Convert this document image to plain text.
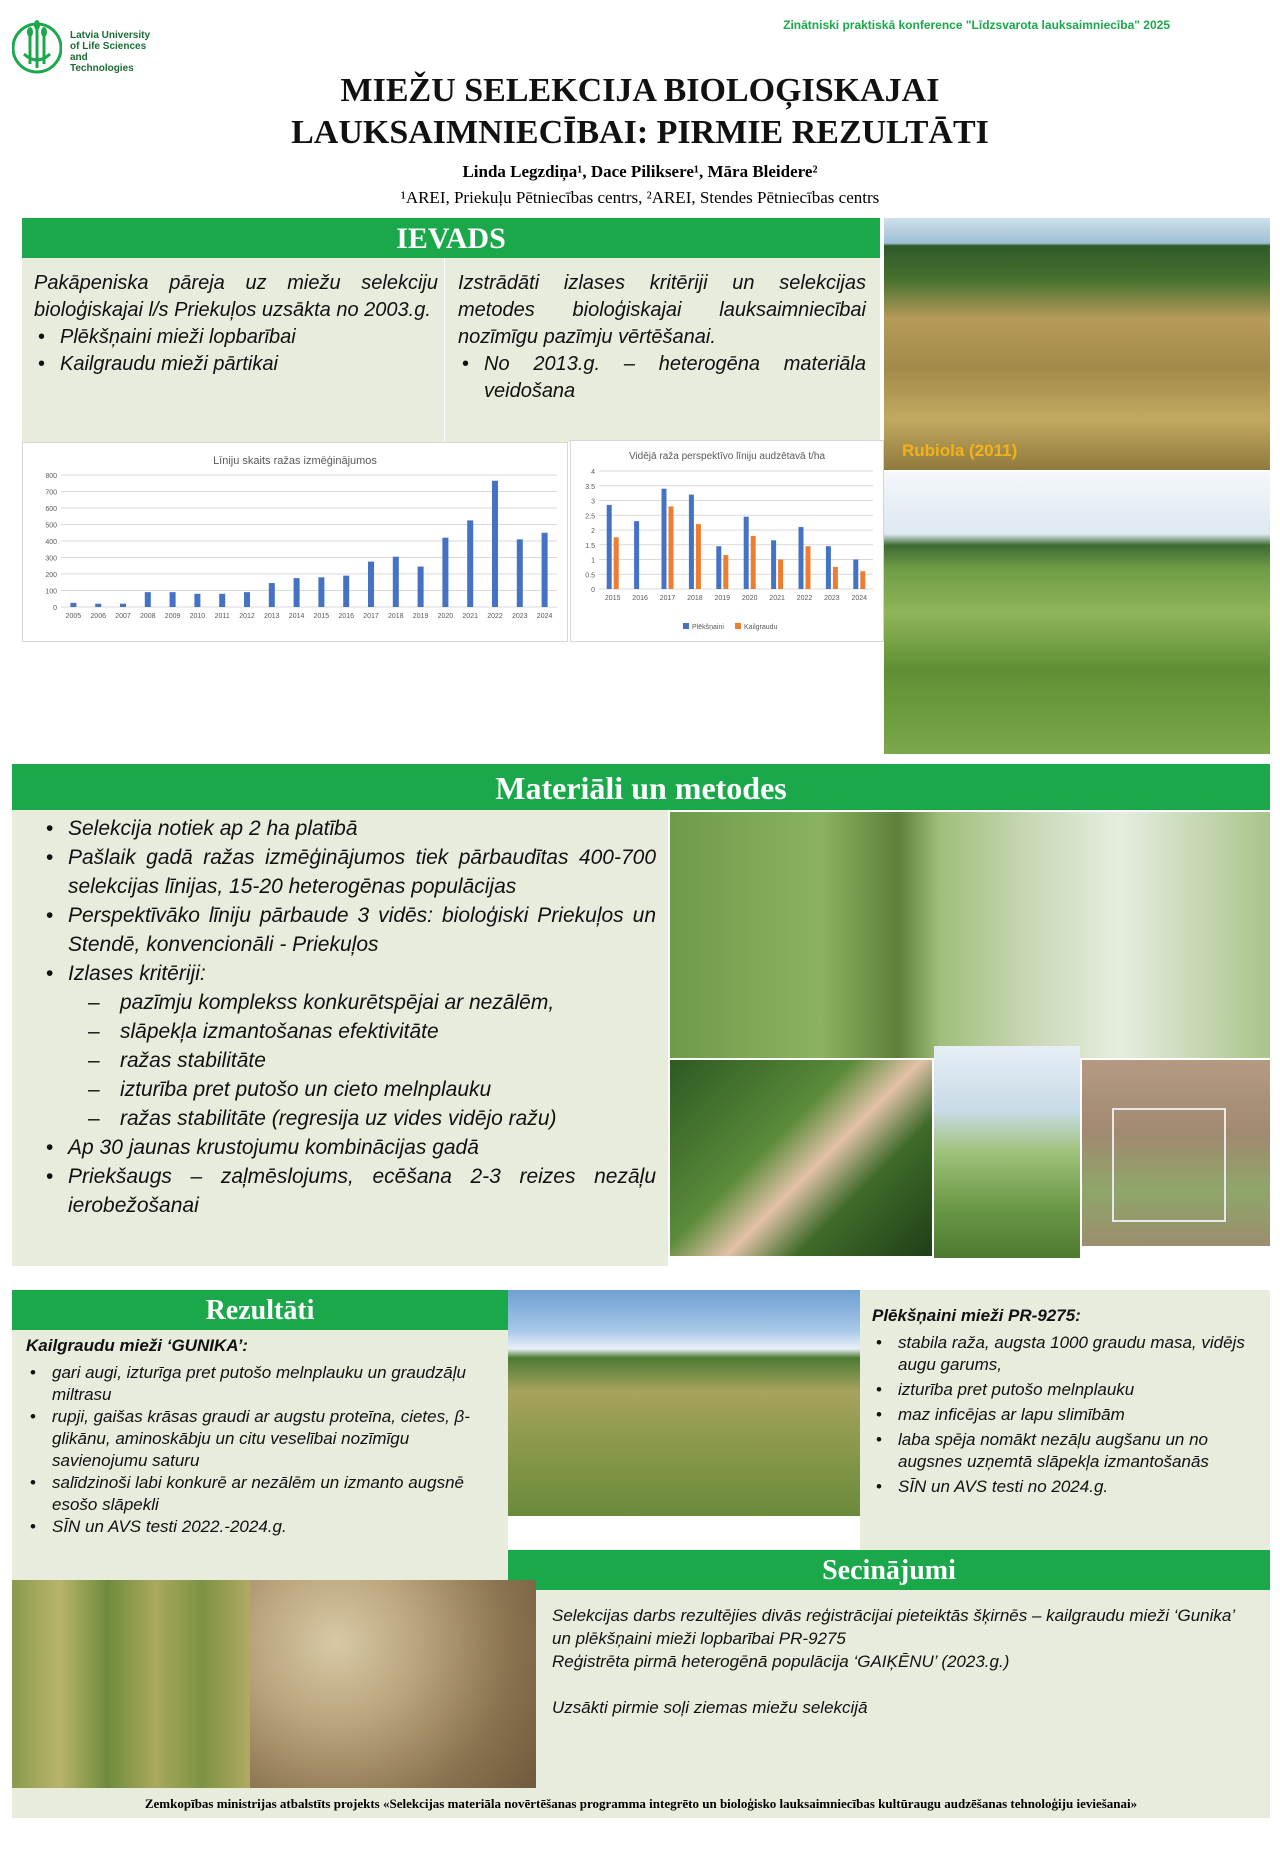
Latvia University
of Life Sciences
and Technologies
Zinātniski praktiskā konference "Līdzsvarota lauksaimniecība" 2025
MIEŽU SELEKCIJA BIOLOĢISKAJAI
LAUKSAIMNIECĪBAI: PIRMIE REZULTĀTI
Linda Legzdiņa¹, Dace Piliksere¹, Māra Bleidere²
¹AREI, Priekuļu Pētniecības centrs, ²AREI, Stendes Pētniecības centrs
IEVADS
Pakāpeniska pāreja uz miežu selekciju bioloģiskajai l/s Priekuļos uzsākta no 2003.g.
• Plēkšņaini mieži lopbarībai
• Kailgraudu mieži pārtikai
Izstrādāti izlases kritēriji un selekcijas metodes bioloģiskajai lauksaimniecībai nozīmīgu pazīmju vērtēšanai.
• No 2013.g. – heterogēna materiāla veidošana
Līniju skaits ražas izmēģinājumos
0
100
200
300
400
500
600
700
800
2005 2006 2007 2008 2009 2010 2011 2012 2013 2014 2015 2016 2017 2018 2019 2020 2021 2022 2023 2024
Vidējā raža perspektīvo līniju audzētavā t/ha
0
0.5
1
1.5
2
2.5
3
3.5
4
2015 2016 2017 2018 2019 2020 2021 2022 2023 2024
Plēkšņaini	Kailgraudu
Rubiola (2011)
Materiāli un metodes
• Selekcija notiek ap 2 ha platībā
• Pašlaik gadā ražas izmēģinājumos tiek pārbaudītas 400-700 selekcijas līnijas, 15-20 heterogēnas populācijas
• Perspektīvāko līniju pārbaude 3 vidēs: bioloģiski Priekuļos un Stendē, konvencionāli - Priekuļos
• Izlases kritēriji:
– pazīmju komplekss konkurētspējai ar nezālēm,
– slāpekļa izmantošanas efektivitāte
– ražas stabilitāte
– izturība pret putošo un cieto melnplauku
– ražas stabilitāte (regresija uz vides vidējo ražu)
• Ap 30 jaunas krustojumu kombinācijas gadā
• Priekšaugs – zaļmēslojums, ecēšana 2-3 reizes nezāļu ierobežošanai
Rezultāti
Kailgraudu mieži ‘GUNIKA’:
• gari augi, izturīga pret putošo melnplauku un graudzāļu miltrasu
• rupji, gaišas krāsas graudi ar augstu proteīna, cietes, β-glikānu, aminoskābju un citu veselībai nozīmīgu savienojumu saturu
• salīdzinoši labi konkurē ar nezālēm un izmanto augsnē esošo slāpekli
• SĪN un AVS testi 2022.-2024.g.
Plēkšņaini mieži PR-9275:
• stabila raža, augsta 1000 graudu masa, vidējs augu garums,
• izturība pret putošo melnplauku
• maz inficējas ar lapu slimībām
• laba spēja nomākt nezāļu augšanu un no augsnes uzņemtā slāpekļa izmantošanās
• SĪN un AVS testi no 2024.g.
Secinājumi
Selekcijas darbs rezultējies divās reģistrācijai pieteiktās šķirnēs – kailgraudu mieži ‘Gunika’ un plēkšņaini mieži lopbarībai PR-9275
Reģistrēta pirmā heterogēnā populācija ‘GAIĶĒNU’ (2023.g.)
Uzsākti pirmie soļi ziemas miežu selekcijā
Zemkopības ministrijas atbalstīts projekts «Selekcijas materiāla novērtēšanas programma integrēto un bioloģisko lauksaimniecības kultūraugu audzēšanas tehnoloģiju ieviešanai»
